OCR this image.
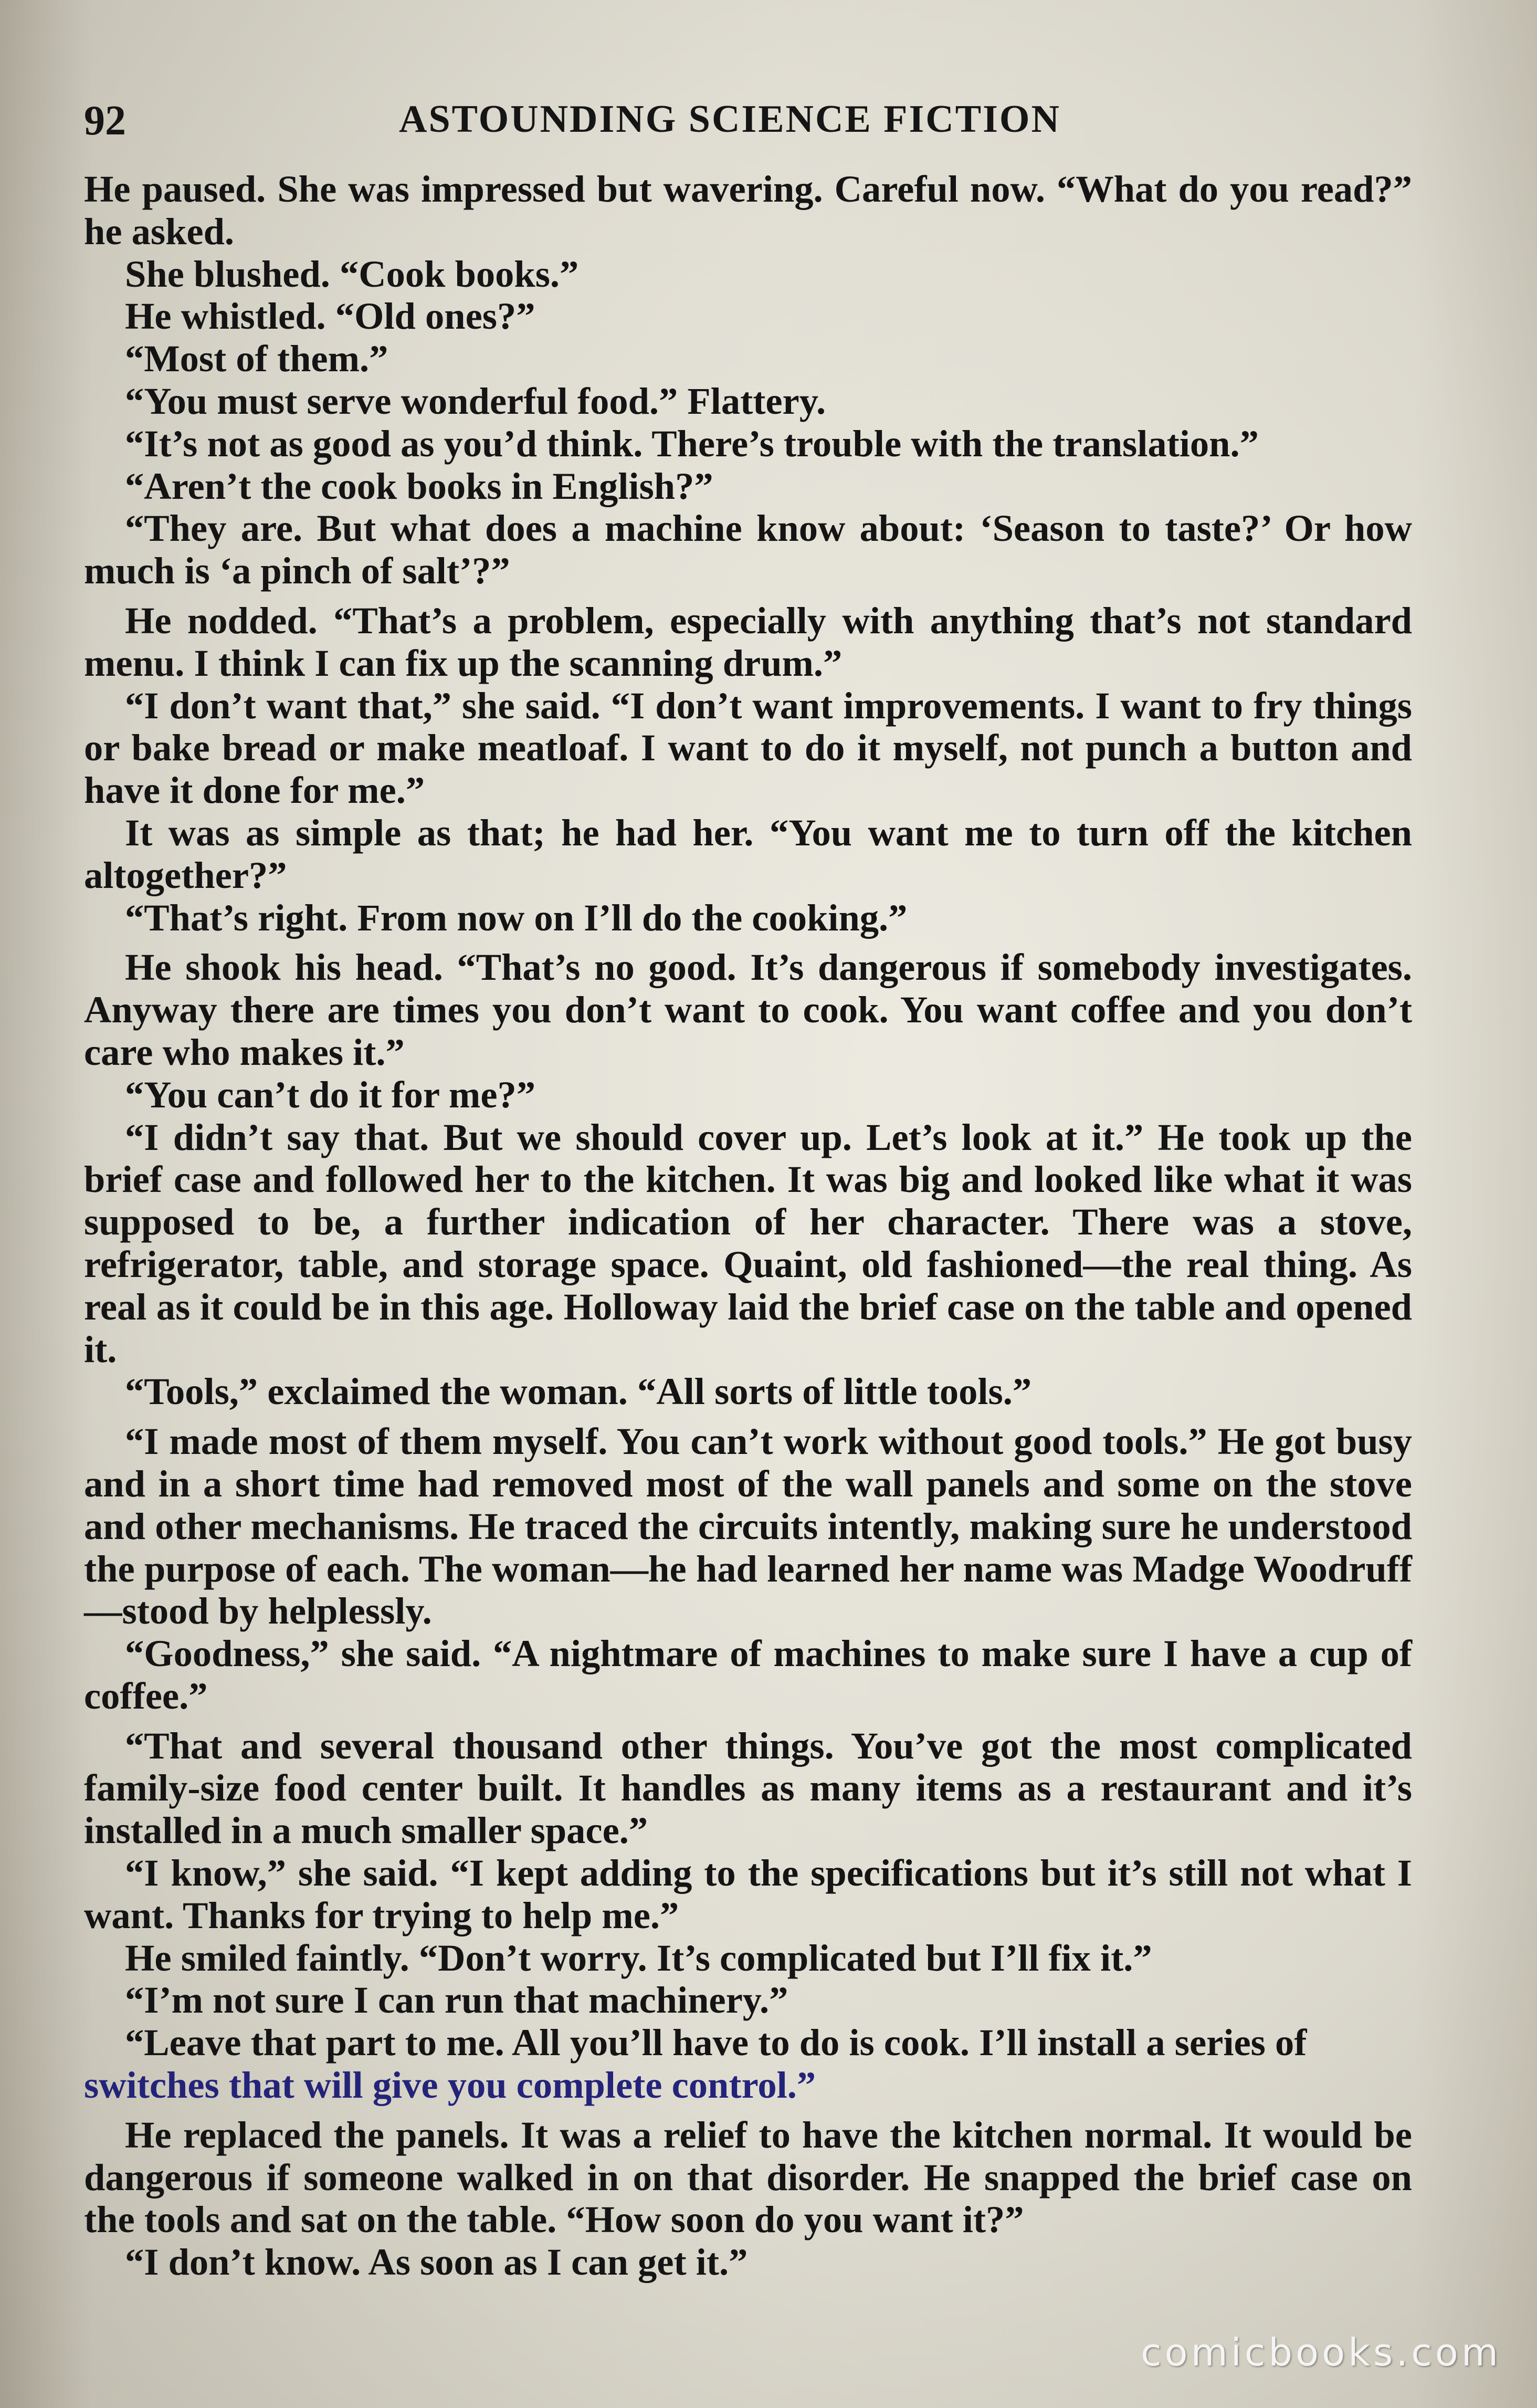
92	ASTOUNDING SCIENCE FICTION

He paused. She was impressed but wavering. Careful now. “What do you read?” he asked.

She blushed. “Cook books.”

He whistled. “Old ones?”

“Most of them.”

“You must serve wonderful food.” Flattery.

“It’s not as good as you’d think. There’s trouble with the translation.”

“Aren’t the cook books in English?”

“They are. But what does a machine know about: ‘Season to taste?’ Or how much is ‘a pinch of salt’?”

He nodded. “That’s a problem, especially with anything that’s not standard menu. I think I can fix up the scanning drum.”

“I don’t want that,” she said. “I don’t want improvements. I want to fry things or bake bread or make meatloaf. I want to do it myself, not punch a button and have it done for me.”

It was as simple as that; he had her. “You want me to turn off the kitchen altogether?”

“That’s right. From now on I’ll do the cooking.”

He shook his head. “That’s no good. It’s dangerous if somebody investigates. Anyway there are times you don’t want to cook. You want coffee and you don’t care who makes it.”

“You can’t do it for me?”

“I didn’t say that. But we should cover up. Let’s look at it.” He took up the brief case and followed her to the kitchen. It was big and looked like what it was supposed to be, a further indication of her character. There was a stove, refrigerator, table, and storage space. Quaint, old fashioned—the real thing. As real as it could be in this age. Holloway laid the brief case on the table and opened it.

“Tools,” exclaimed the woman. “All sorts of little tools.”

“I made most of them myself. You can’t work without good tools.” He got busy and in a short time had removed most of the wall panels and some on the stove and other mechanisms. He traced the circuits intently, making sure he understood the purpose of each. The woman—he had learned her name was Madge Woodruff—stood by helplessly.

“Goodness,” she said. “A nightmare of machines to make sure I have a cup of coffee.”

“That and several thousand other things. You’ve got the most complicated family-size food center built. It handles as many items as a restaurant and it’s installed in a much smaller space.”

“I know,” she said. “I kept adding to the specifications but it’s still not what I want. Thanks for trying to help me.”

He smiled faintly. “Don’t worry. It’s complicated but I’ll fix it.”

“I’m not sure I can run that machinery.”

“Leave that part to me. All you’ll have to do is cook. I’ll install a series of

switches that will give you complete control.”

He replaced the panels. It was a relief to have the kitchen normal. It would be dangerous if someone walked in on that disorder. He snapped the brief case on the tools and sat on the table. “How soon do you want it?”

“I don’t know. As soon as I can get it.”

comicbooks.com
